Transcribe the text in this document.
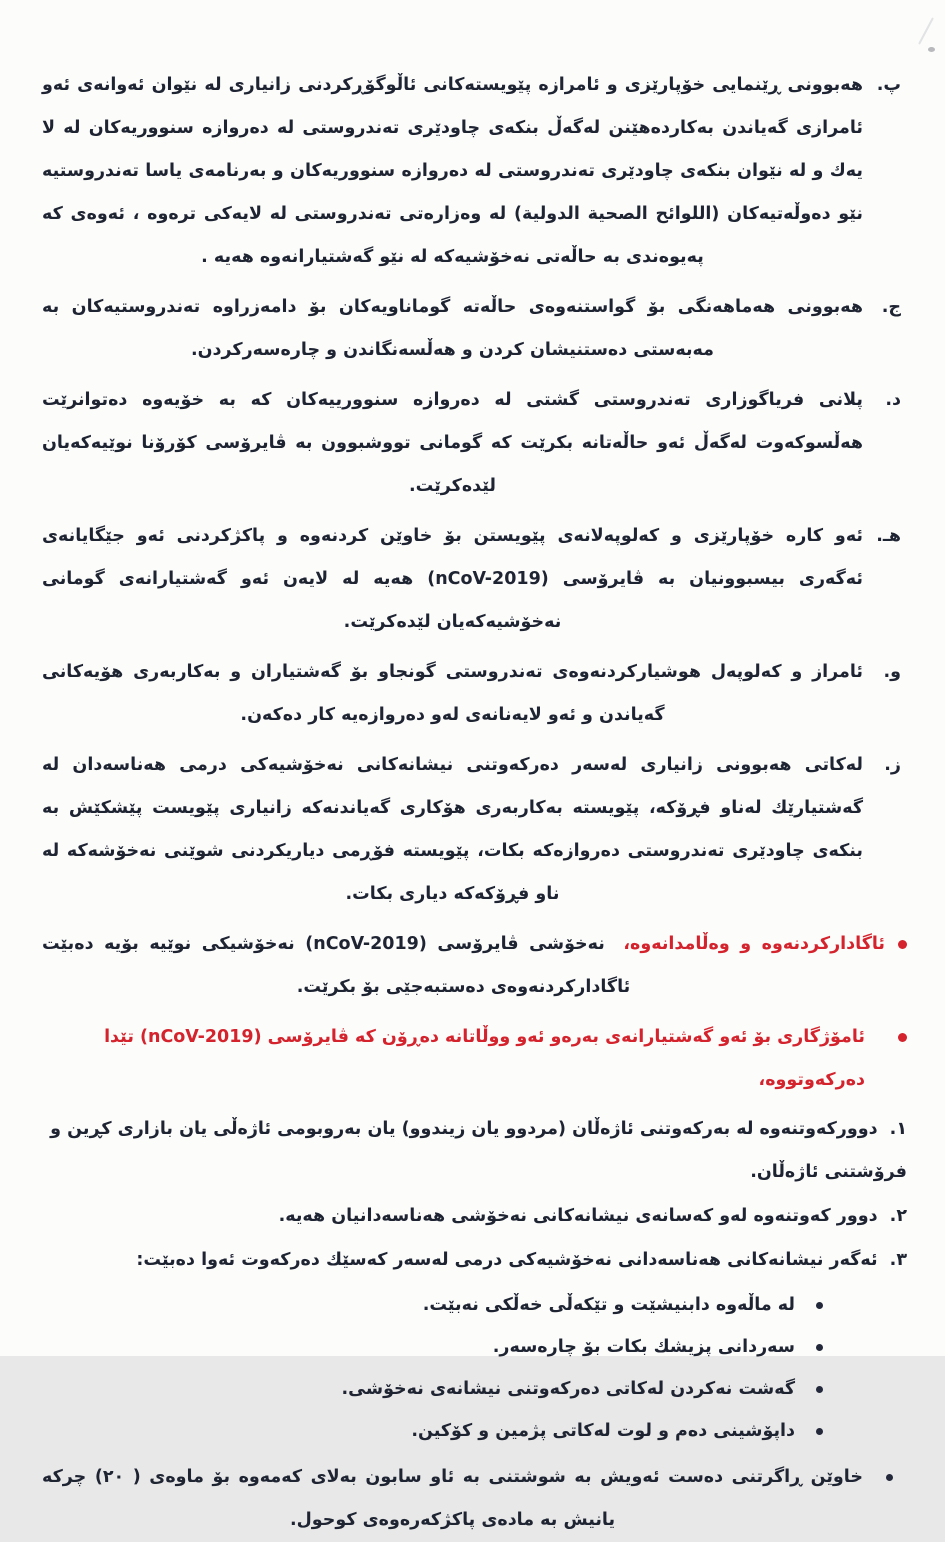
پ.
هەبوونی ڕێنمایی خۆپارێزی و ئامرازە پێویستەکانی ئاڵوگۆڕکردنی زانیاری لە نێوان ئەوانەی ئەو ئامرازی گەیاندن بەکاردەهێنن لەگەڵ بنکەی چاودێری تەندروستی لە دەروازە سنووریەکان لە لا یەك و لە نێوان بنکەی چاودێری تەندروستی لە دەروازە سنووریەکان و بەرنامەی یاسا تەندروستیە نێو دەوڵەتیەکان (اللوائح الصحية الدولية) لە وەزارەتی تەندروستی لە لایەکی ترەوە ، ئەوەی کە پەیوەندی بە حاڵەتی نەخۆشیەکە لە نێو گەشتیارانەوە هەیە .
ج.
هەبوونی هەماهەنگی بۆ گواستنەوەی حاڵەتە گوماناویەکان بۆ دامەزراوە تەندروستیەکان بە مەبەستی دەستنیشان کردن و هەڵسەنگاندن و چارەسەرکردن.
د.
پلانی فریاگوزاری تەندروستی گشتی لە دەروازە سنوورییەکان کە بە خۆیەوە دەتوانرێت هەڵسوکەوت لەگەڵ ئەو حاڵەتانە بکرێت کە گومانی تووشبوون بە ڤایرۆسی کۆرۆنا نوێیەکەیان لێدەکرێت.
هـ.
ئەو کارە خۆپارێزی و کەلوپەلانەی پێویستن بۆ خاوێن کردنەوە و پاکژکردنی ئەو جێگایانەی ئەگەری بیسبوونیان بە ڤایرۆسی (nCoV-2019) هەیە لە لایەن ئەو گەشتیارانەی گومانی نەخۆشیەکەیان لێدەکرێت.
و.
ئامراز و کەلوپەل هوشیارکردنەوەی تەندروستی گونجاو بۆ گەشتیاران و بەکاربەری هۆیەکانی گەیاندن و ئەو لایەنانەی لەو دەروازەیە کار دەکەن.
ز.
لەکاتی هەبوونی زانیاری لەسەر دەرکەوتنی نیشانەکانی نەخۆشیەکی درمی هەناسەدان لە گەشتیارێك لەناو فڕۆکە، پێویستە بەکاربەری هۆکاری گەیاندنەکە زانیاری پێویست پێشکێش بە بنکەی چاودێری تەندروستی دەروازەکە بکات، پێویستە فۆڕمی دیاریکردنی شوێنی نەخۆشەکە لە ناو فڕۆکەکە دیاری بکات.

ئاگادارکردنەوە و وەڵامدانەوە، نەخۆشی ڤایرۆسی (nCoV-2019) نەخۆشیکی نوێیە بۆیە دەبێت ئاگادارکردنەوەی دەستبەجێی بۆ بکرێت.

ئامۆژگاری بۆ ئەو گەشتیارانەی بەرەو ئەو ووڵاتانە دەڕۆن کە ڤایرۆسی (nCoV-2019) تێدا دەرکەوتووە،

١. دوورکەوتنەوە لە بەرکەوتنی ئاژەڵان (مردوو یان زیندوو) یان بەروبومی ئاژەڵی یان بازاری کڕین و فرۆشتنی ئاژەڵان.
٢. دوور کەوتنەوە لەو کەسانەی نیشانەکانی نەخۆشی هەناسەدانیان هەیە.
٣. ئەگەر نیشانەکانی هەناسەدانی نەخۆشیەکی درمی لەسەر کەسێك دەرکەوت ئەوا دەبێت:
لە ماڵەوە دابنیشێت و تێکەڵی خەڵکی نەبێت.
سەردانی پزیشك بکات بۆ چارەسەر.
گەشت نەکردن لەکاتی دەرکەوتنی نیشانەی نەخۆشی.
داپۆشینی دەم و لوت لەکاتی پژمین و کۆکین.

خاوێن ڕاگرتنی دەست ئەویش بە شوشتنی بە ئاو سابون بەلای کەمەوە بۆ ماوەی ( ٢٠) چرکە یانیش بە مادەی پاکژکەرەوەی کوحول.
